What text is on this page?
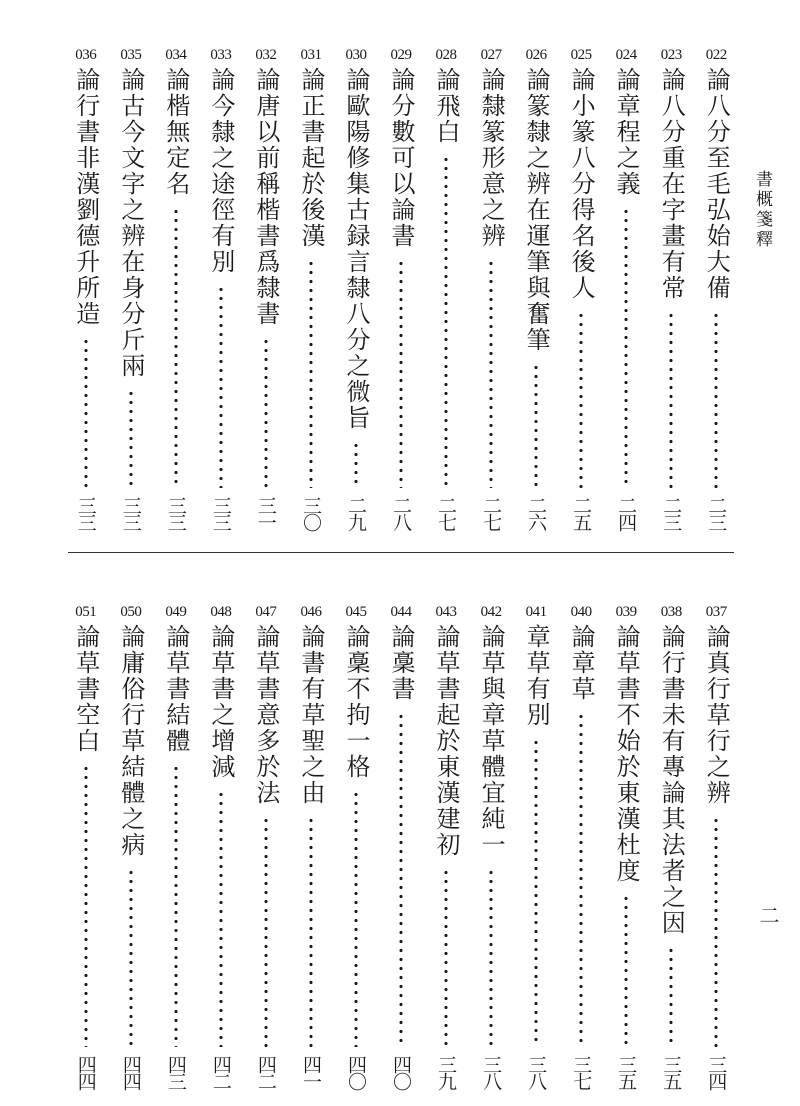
書概箋釋
二
022
論八分至毛弘始大備
二三
023
論八分重在字畫有常
二三
024
論章程之義
二四
025
論小篆八分得名後人
二五
026
論篆隸之辨在運筆與奮筆
二六
027
論隸篆形意之辨
二七
028
論飛白
二七
029
論分數可以論書
二八
030
論歐陽修集古録言隸八分之微旨
二九
031
論正書起於後漢
三〇
032
論唐以前稱楷書爲隸書
三一
033
論今隸之途徑有別
三三
034
論楷無定名
三三
035
論古今文字之辨在身分斤兩
三三
036
論行書非漢劉德升所造
三三
037
論真行草行之辨
三四
038
論行書未有專論其法者之因
三五
039
論草書不始於東漢杜度
三五
040
論章草
三七
041
章草有別
三八
042
論草與章草體宜純一
三八
043
論草書起於東漢建初
三九
044
論稾書
四〇
045
論稾不拘一格
四〇
046
論書有草聖之由
四一
047
論草書意多於法
四二
048
論草書之增減
四二
049
論草書結體
四三
050
論庸俗行草結體之病
四四
051
論草書空白
四四
